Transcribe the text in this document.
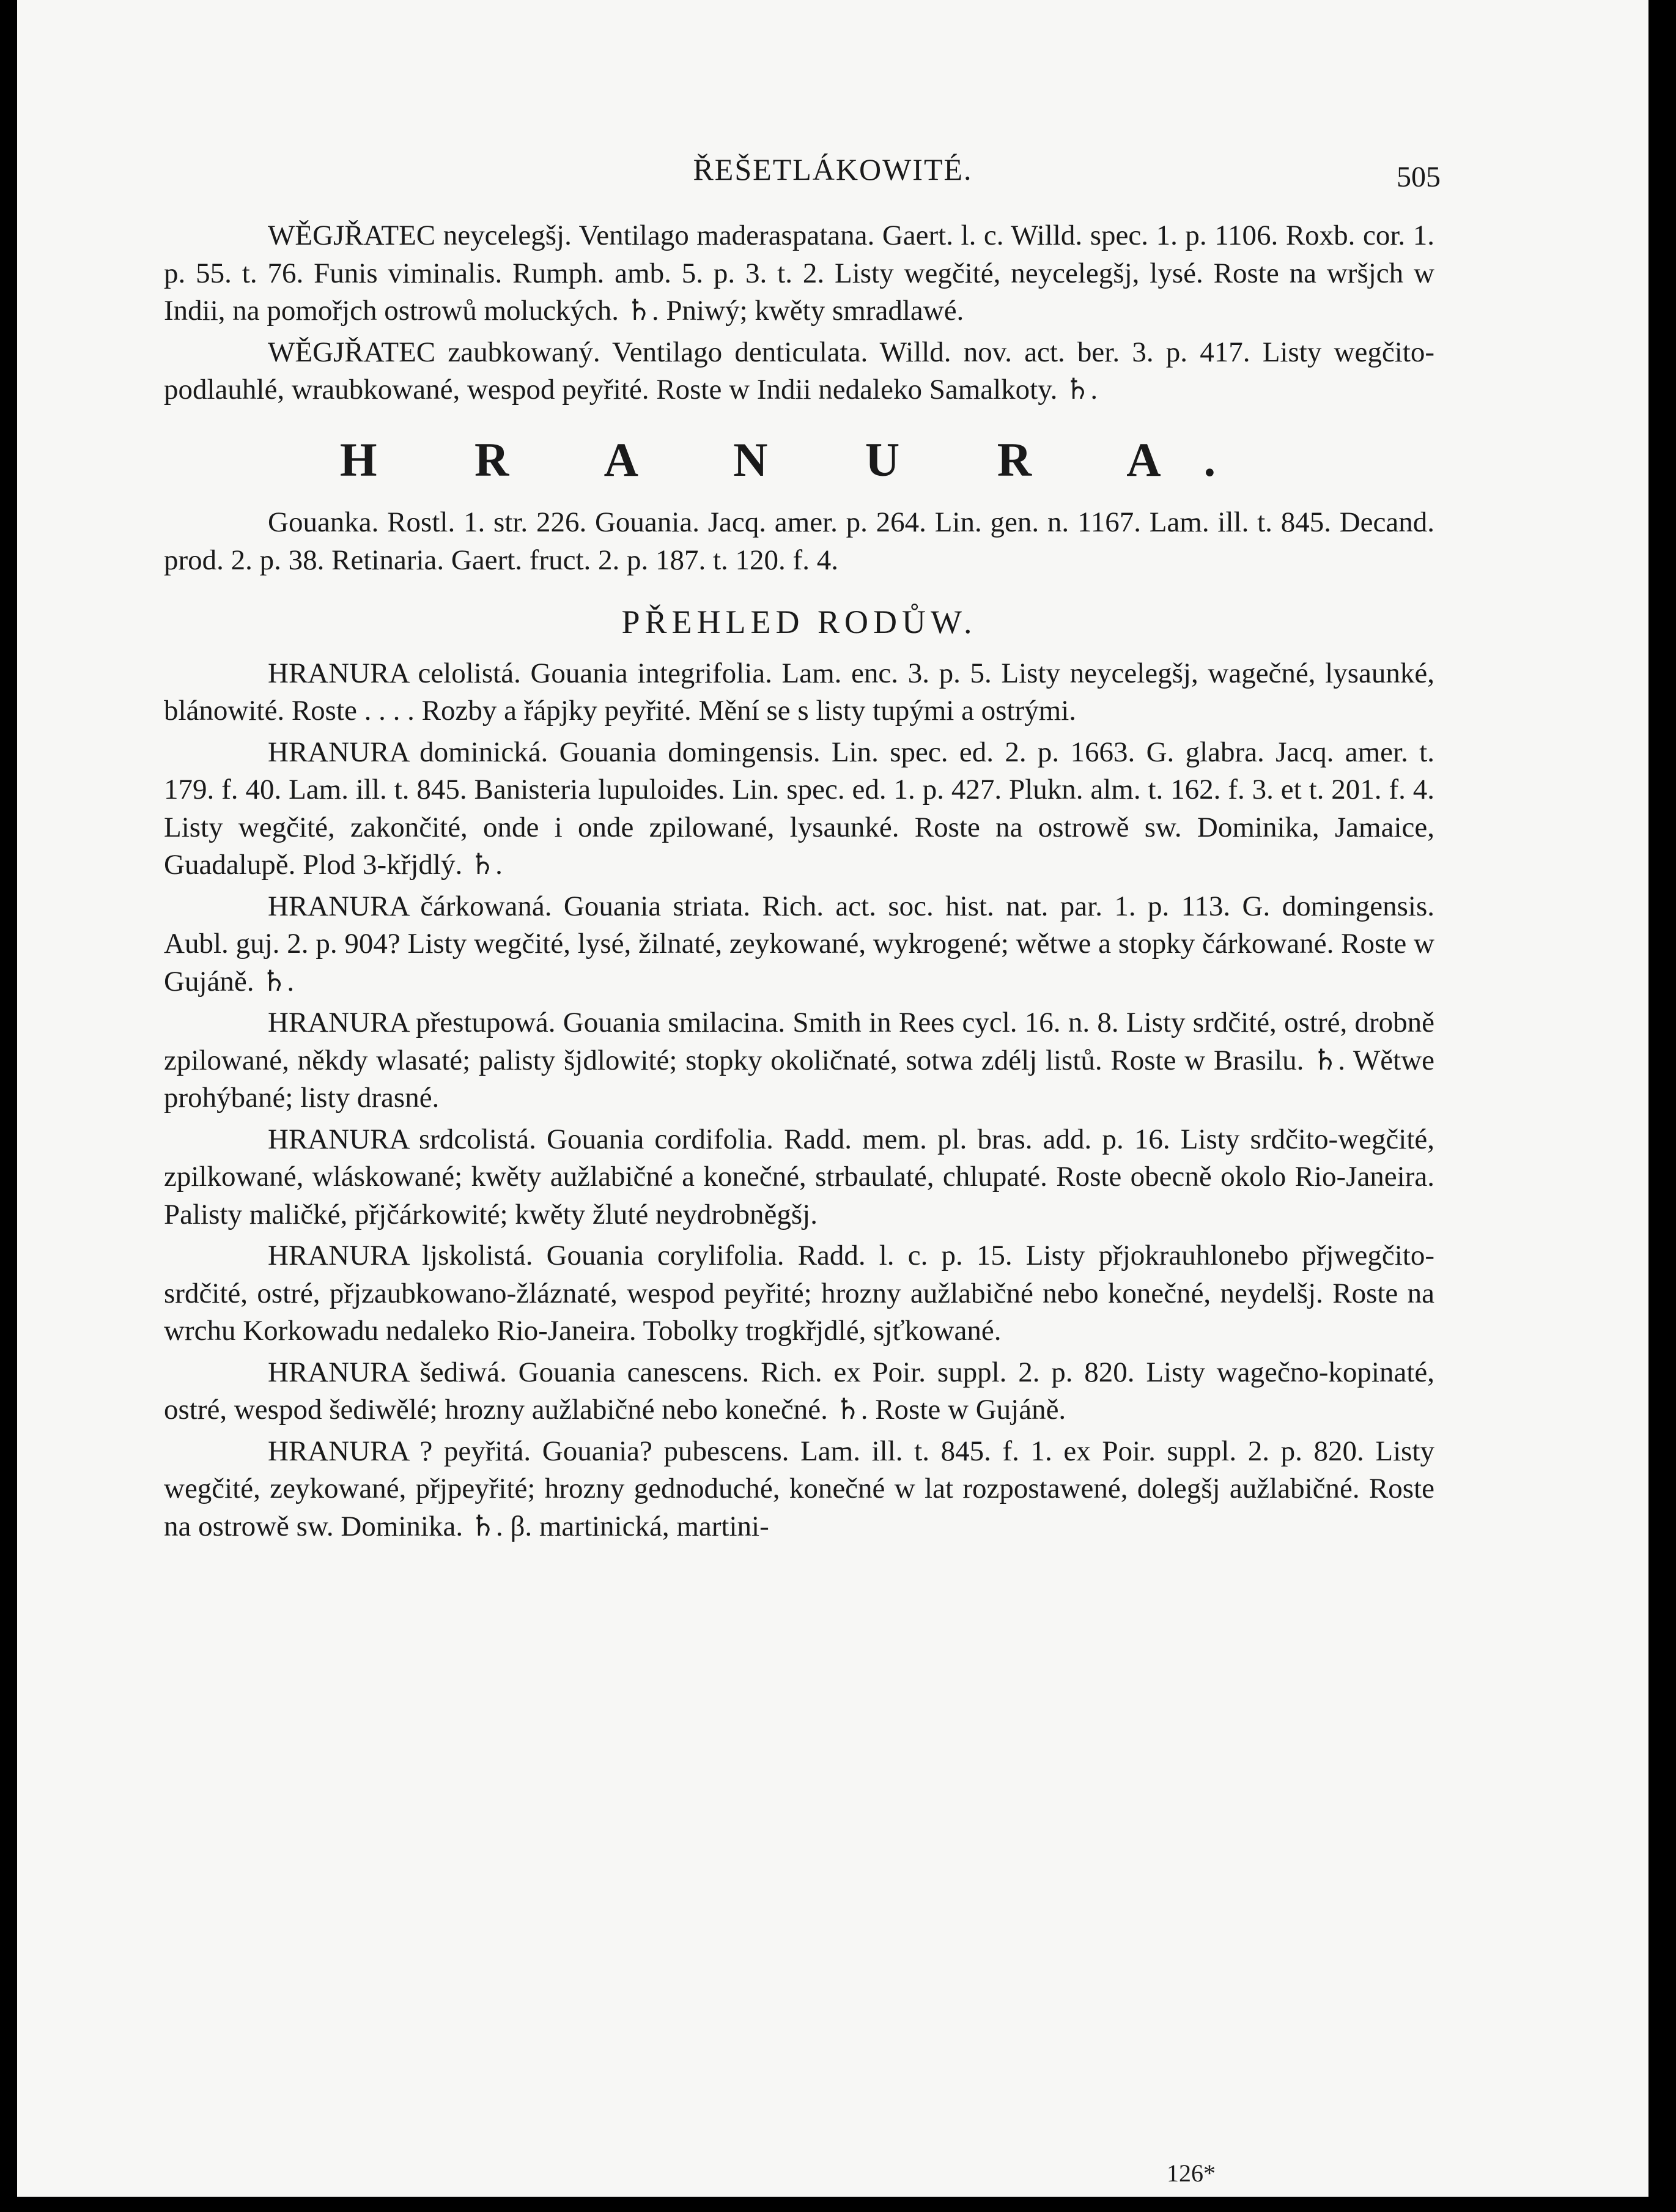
ŘEŠETLÁKOWITÉ.	505

WĚGJŘATEC neycelegšj. Ventilago maderaspatana. Gaert. l. c. Willd. spec. 1. p. 1106. Roxb. cor. 1. p. 55. t. 76. Funis viminalis. Rumph. amb. 5. p. 3. t. 2. Listy wegčité, neycelegšj, lysé. Roste na wršjch w Indii, na pomořjch ostrowů moluckých. ♄. Pniwý; kwěty smradlawé.

WĚGJŘATEC zaubkowaný. Ventilago denticulata. Willd. nov. act. ber. 3. p. 417. Listy wegčito-podlauhlé, wraubkowané, wespod peyřité. Roste w Indii nedaleko Samalkoty. ♄.

H R A N U R A.

Gouanka. Rostl. 1. str. 226. Gouania. Jacq. amer. p. 264. Lin. gen. n. 1167. Lam. ill. t. 845. Decand. prod. 2. p. 38. Retinaria. Gaert. fruct. 2. p. 187. t. 120. f. 4.

PŘEHLED RODŮW.

HRANURA celolistá. Gouania integrifolia. Lam. enc. 3. p. 5. Listy neycelegšj, wagečné, lysaunké, blánowité. Roste . . . . Rozby a řápjky peyřité. Mění se s listy tupými a ostrými.

HRANURA dominická. Gouania domingensis. Lin. spec. ed. 2. p. 1663. G. glabra. Jacq. amer. t. 179. f. 40. Lam. ill. t. 845. Banisteria lupuloides. Lin. spec. ed. 1. p. 427. Plukn. alm. t. 162. f. 3. et t. 201. f. 4. Listy wegčité, zakončité, onde i onde zpilowané, lysaunké. Roste na ostrowě sw. Dominika, Jamaice, Guadalupě. Plod 3-křjdlý. ♄.

HRANURA čárkowaná. Gouania striata. Rich. act. soc. hist. nat. par. 1. p. 113. G. domingensis. Aubl. guj. 2. p. 904? Listy wegčité, lysé, žilnaté, zeykowané, wykrogené; wětwe a stopky čárkowané. Roste w Gujáně. ♄.

HRANURA přestupowá. Gouania smilacina. Smith in Rees cycl. 16. n. 8. Listy srdčité, ostré, drobně zpilowané, někdy wlasaté; palisty šjdlowité; stopky okoličnaté, sotwa zdélj listů. Roste w Brasilu. ♄. Wětwe prohýbané; listy drasné.

HRANURA srdcolistá. Gouania cordifolia. Radd. mem. pl. bras. add. p. 16. Listy srdčito-wegčité, zpilkowané, wláskowané; kwěty aužlabičné a konečné, strbaulaté, chlupaté. Roste obecně okolo Rio-Janeira. Palisty maličké, přjčárkowité; kwěty žluté neydrobněgšj.

HRANURA ljskolistá. Gouania corylifolia. Radd. l. c. p. 15. Listy přjokrauhlonebo přjwegčito-srdčité, ostré, přjzaubkowano-žláznaté, wespod peyřité; hrozny aužlabičné nebo konečné, neydelšj. Roste na wrchu Korkowadu nedaleko Rio-Janeira. Tobolky trogkřjdlé, sjťkowané.

HRANURA šediwá. Gouania canescens. Rich. ex Poir. suppl. 2. p. 820. Listy wagečno-kopinaté, ostré, wespod šediwělé; hrozny aužlabičné nebo konečné. ♄. Roste w Gujáně.

HRANURA ? peyřitá. Gouania? pubescens. Lam. ill. t. 845. f. 1. ex Poir. suppl. 2. p. 820. Listy wegčité, zeykowané, přjpeyřité; hrozny gednoduché, konečné w lat rozpostawené, dolegšj aužlabičné. Roste na ostrowě sw. Dominika. ♄. β. martinická, martini-

126*
